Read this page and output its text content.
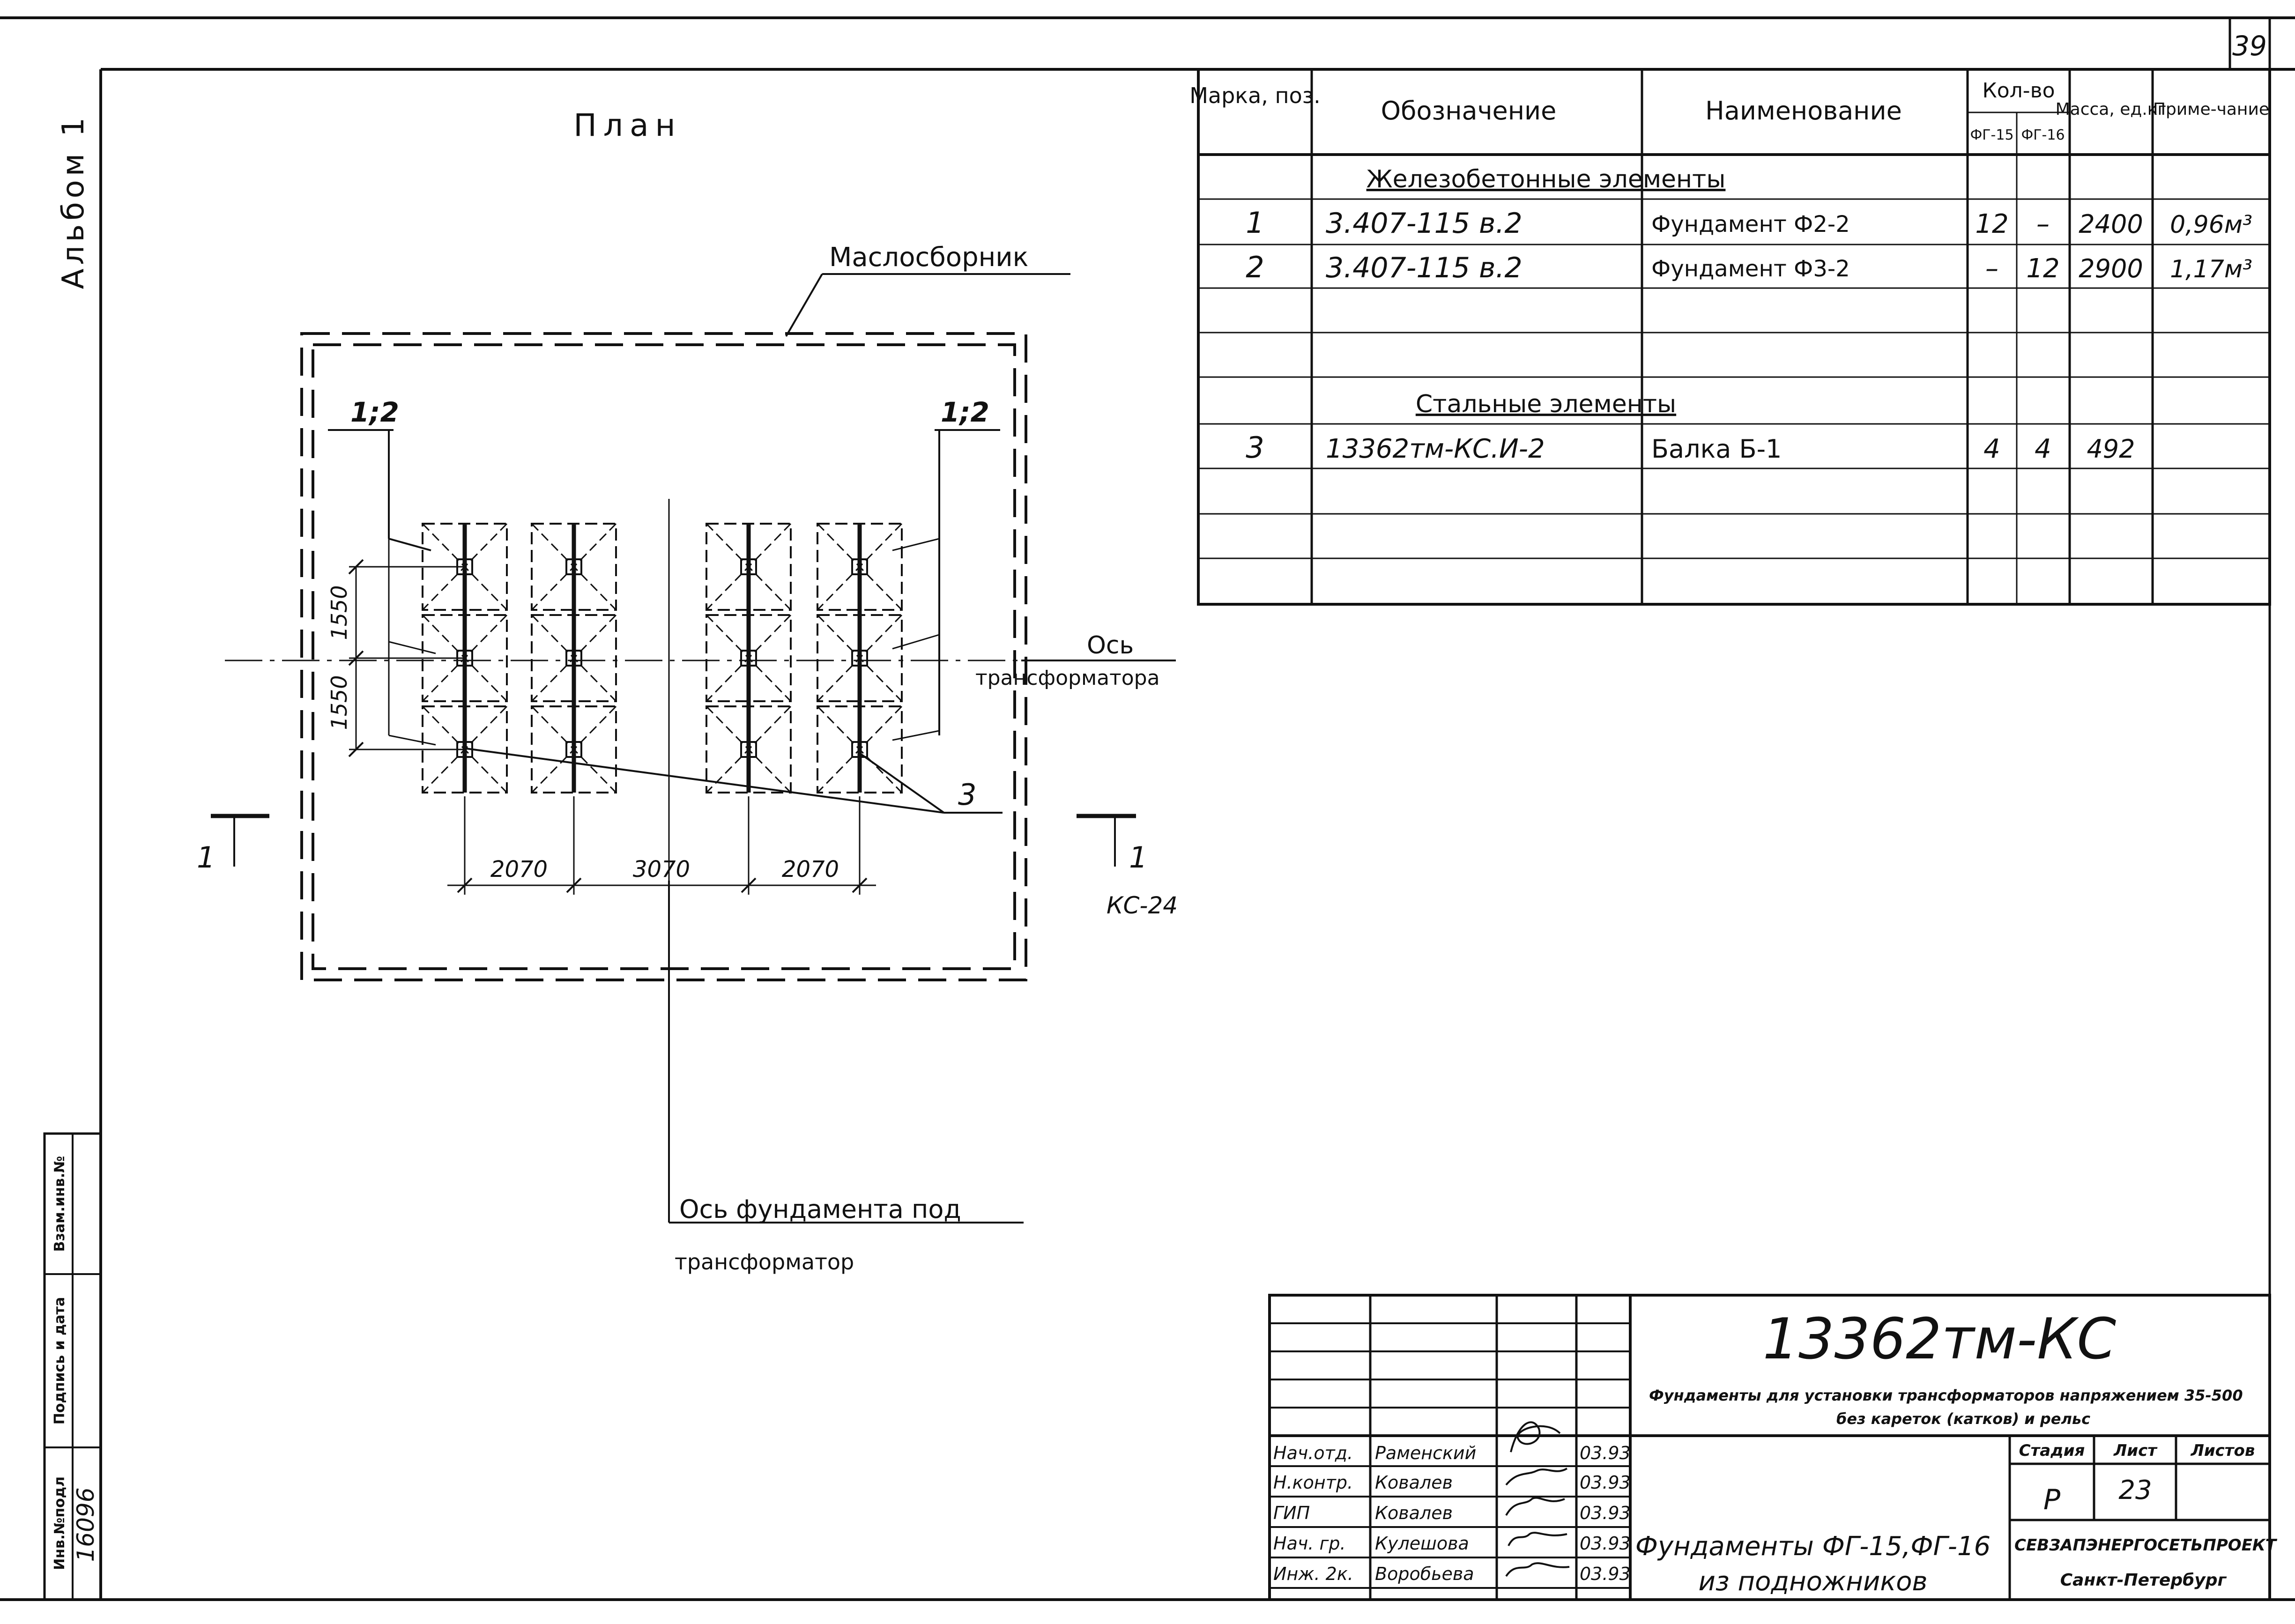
39
Альбом 1
Инв.№подл
Подпись и дата
Взам.инв.№
16096
План
Маслосборник
1;2	1;2
1550
1550
2070	3070	2070
3
Ось
трансформатора
Ось фундамента под
трансформатор
1	1
КС-24
Марка, поз.
Обозначение	Наименование
Кол-во
ФГ-15 ФГ-16
Масса, ед.кг
Приме-чание
Железобетонные элементы
1 3.407-115 в.2	Фундамент Ф2-2	12 – 2400 0,96м³
2 3.407-115 в.2	Фундамент Ф3-2	– 12 2900 1,17м³
Стальные элементы
3 13362тм-КС.И-2	Балка Б-1	4 4 492
13362тм-КС
Фундаменты для установки трансформаторов напряжением 35-500
без кареток (катков) и рельс
Фундаменты ФГ-15,ФГ-16
из подножников
Стадия Лист Листов
Р 23
СЕВЗАПЭНЕРГОСЕТЬПРОЕКТ
Санкт-Петербург
Нач.отд. Раменский	03.93
Н.контр. Ковалев	03.93
ГИП	Ковалев	03.93
Нач. гр. Кулешова	03.93
Инж. 2к. Воробьева	03.93
